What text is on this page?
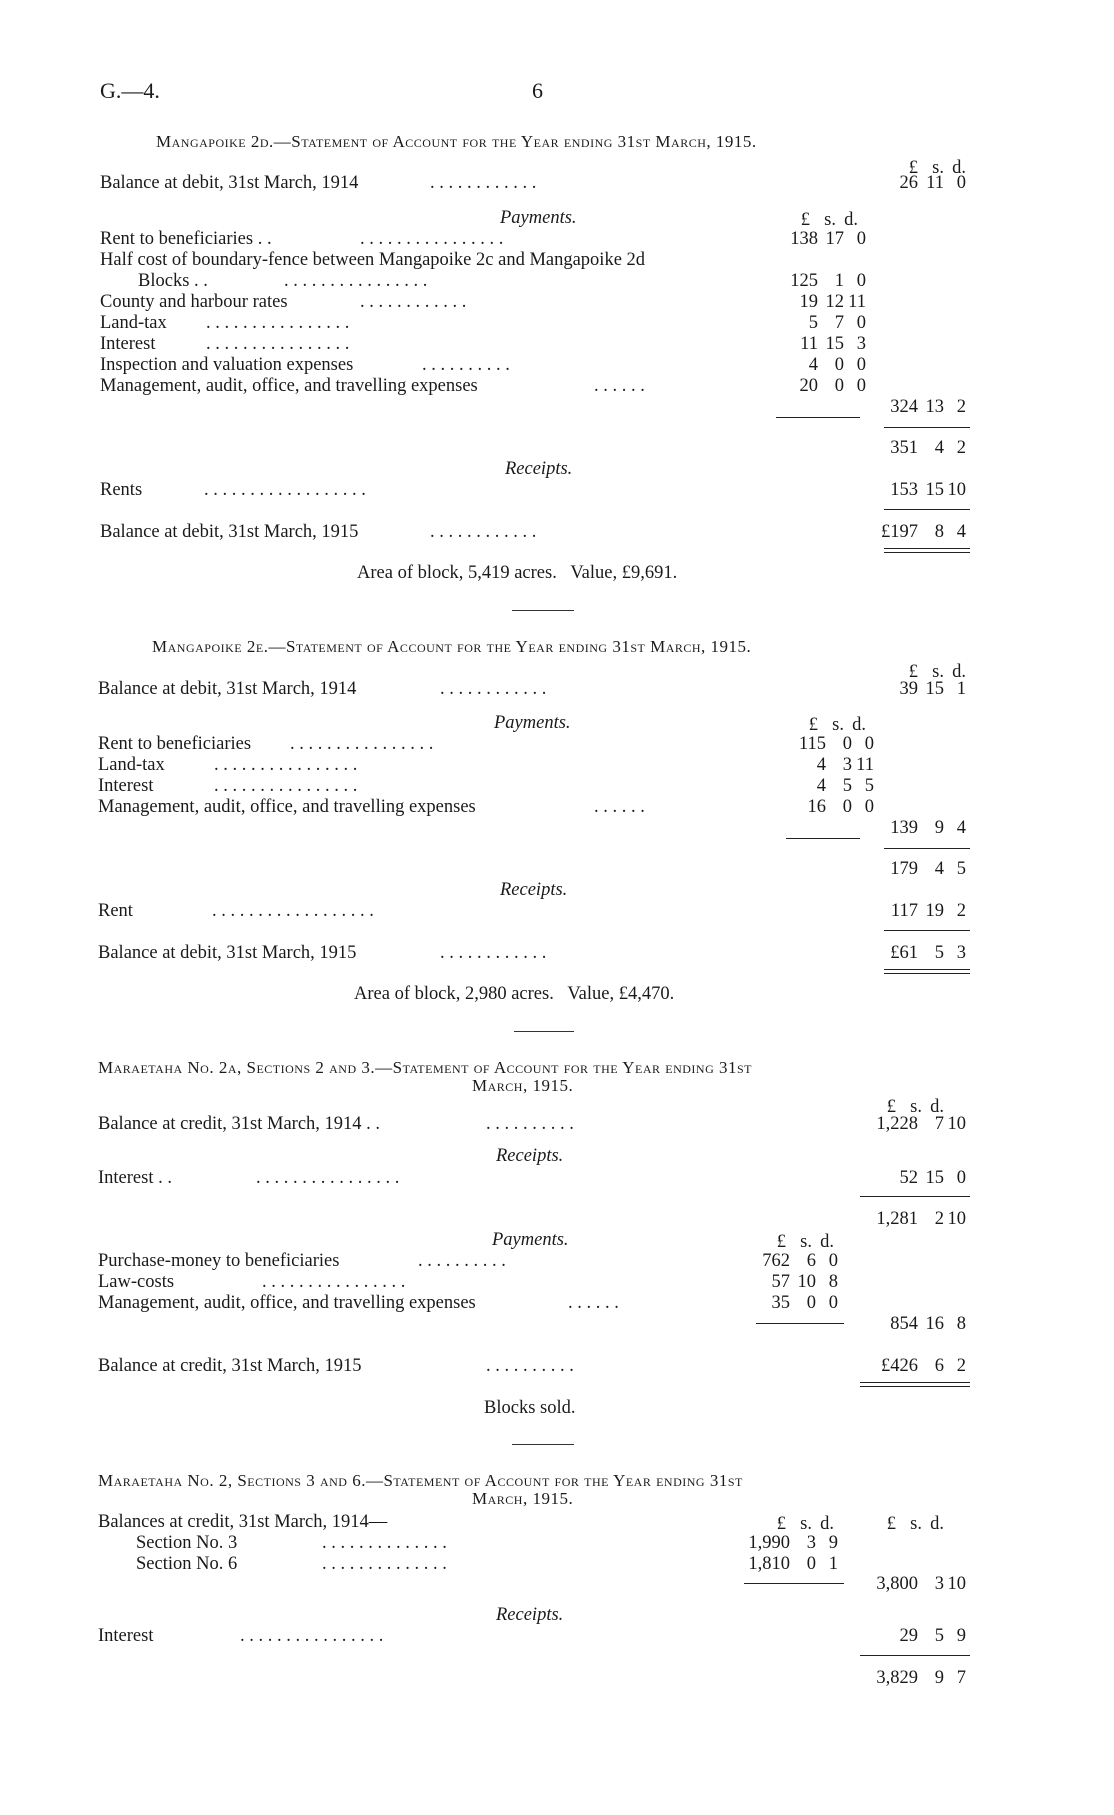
G.—4.	6
Mangapoike 2d.—Statement of Account for the Year ending 31st March, 1915.
£ s. d.
Balance at debit, 31st March, 1914	. . . . . . . . . . . .	26 11 0
Payments.	£ s. d.
Rent to beneficiaries . .	. . . . . . . . . . . . . . . .	138 17 0
Half cost of boundary-fence between Mangapoike 2c and Mangapoike 2d
Blocks . .	. . . . . . . . . . . . . . . .	125 1 0
County and harbour rates	. . . . . . . . . . . .	19 12 11
Land-tax . . . . . . . . . . . . . . . .	5 7 0
Interest	. . . . . . . . . . . . . . . .	11 15 3
Inspection and valuation expenses	. . . . . . . . . .	4 0 0
Management, audit, office, and travelling expenses	. . . . . .	20 0 0
324 13 2
351 4 2
Receipts.
Rents	. . . . . . . . . . . . . . . . . .	153 15 10
Balance at debit, 31st March, 1915	. . . . . . . . . . . .	£197 8 4
Area of block, 5,419 acres.   Value, £9,691.
Mangapoike 2e.—Statement of Account for the Year ending 31st March, 1915.
£ s. d.
Balance at debit, 31st March, 1914	. . . . . . . . . . . .	39 15 1
Payments.	£ s. d.
Rent to beneficiaries . . . . . . . . . . . . . . . .	115 0 0
Land-tax	. . . . . . . . . . . . . . . .	4 3 11
Interest	. . . . . . . . . . . . . . . .	4 5 5
Management, audit, office, and travelling expenses	. . . . . .	16 0 0
139 9 4
179 4 5
Receipts.
Rent	. . . . . . . . . . . . . . . . . .	117 19 2
Balance at debit, 31st March, 1915	. . . . . . . . . . . .	£61 5 3
Area of block, 2,980 acres.   Value, £4,470.
Maraetaha No. 2a, Sections 2 and 3.—Statement of Account for the Year ending 31st
March, 1915.
£ s. d.
Balance at credit, 31st March, 1914 . .	. . . . . . . . . .	1,228 7 10
Receipts.
Interest . .	. . . . . . . . . . . . . . . .	52 15 0
1,281 2 10
Payments.	£ s. d.
Purchase-money to beneficiaries	. . . . . . . . . .	762 6 0
Law-costs	. . . . . . . . . . . . . . . .	57 10 8
Management, audit, office, and travelling expenses	. . . . . .	35 0 0
854 16 8
Balance at credit, 31st March, 1915	. . . . . . . . . .	£426 6 2
Blocks sold.
Maraetaha No. 2, Sections 3 and 6.—Statement of Account for the Year ending 31st
March, 1915.
Balances at credit, 31st March, 1914—	£ s. d.	£ s. d.
Section No. 3	. . . . . . . . . . . . . .	1,990 3 9
Section No. 6	. . . . . . . . . . . . . .	1,810 0 1
3,800 3 10
Receipts.
Interest	. . . . . . . . . . . . . . . .	29 5 9
3,829 9 7
